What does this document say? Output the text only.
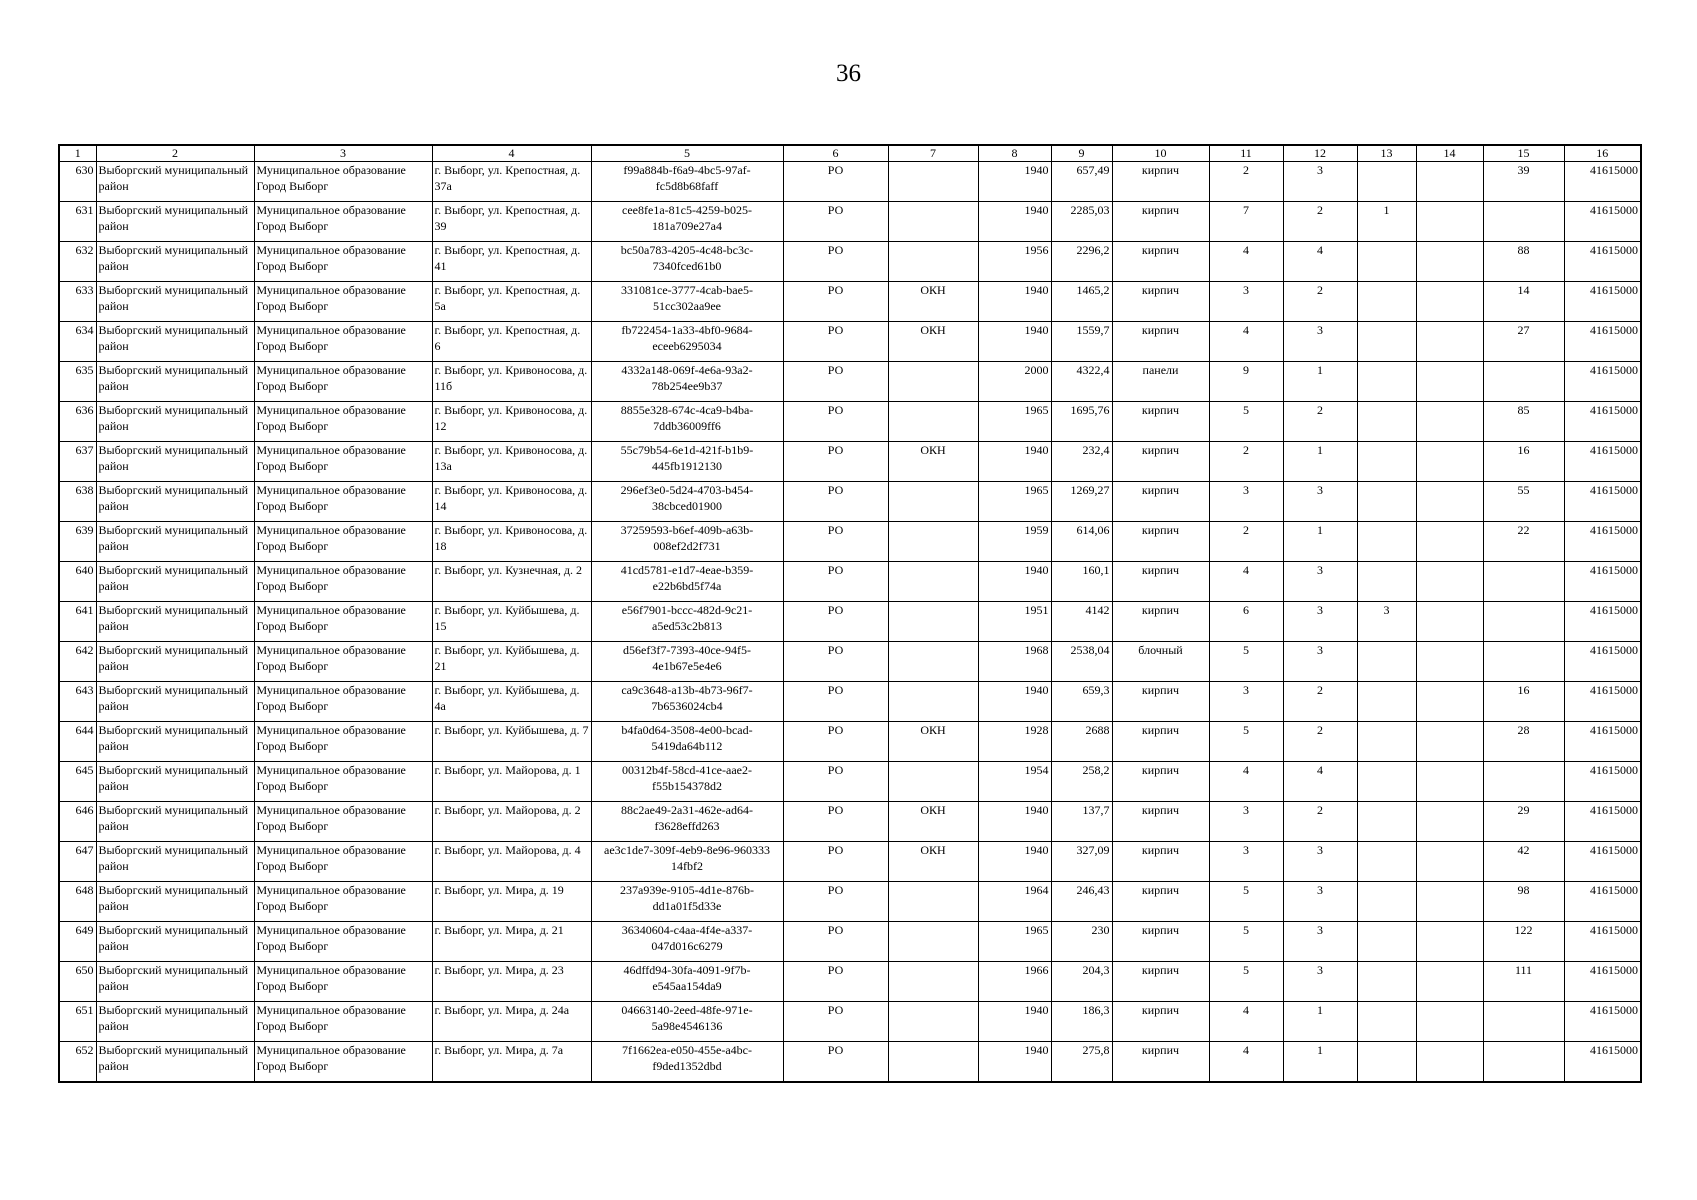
36
1	2	3	4	5	6	7	8	9	10	11	12	13	14	15	16
630	Выборгский муниципальный район	Муниципальное образование Город Выборг	г. Выборг, ул. Крепостная, д. 37а	f99a884b-f6a9-4bc5-97af-fc5d8b68faff	РО		1940	657,49	кирпич	2	3			39	41615000
631	Выборгский муниципальный район	Муниципальное образование Город Выборг	г. Выборг, ул. Крепостная, д. 39	cee8fe1a-81c5-4259-b025-181a709e27a4	РО		1940	2285,03	кирпич	7	2	1			41615000
632	Выборгский муниципальный район	Муниципальное образование Город Выборг	г. Выборг, ул. Крепостная, д. 41	bc50a783-4205-4c48-bc3c-7340fced61b0	РО		1956	2296,2	кирпич	4	4			88	41615000
633	Выборгский муниципальный район	Муниципальное образование Город Выборг	г. Выборг, ул. Крепостная, д. 5а	331081ce-3777-4cab-bae5-51cc302aa9ee	РО	ОКН	1940	1465,2	кирпич	3	2			14	41615000
634	Выборгский муниципальный район	Муниципальное образование Город Выборг	г. Выборг, ул. Крепостная, д. 6	fb722454-1a33-4bf0-9684-eceeb6295034	РО	ОКН	1940	1559,7	кирпич	4	3			27	41615000
635	Выборгский муниципальный район	Муниципальное образование Город Выборг	г. Выборг, ул. Кривоносова, д. 11б	4332a148-069f-4e6a-93a2-78b254ee9b37	РО		2000	4322,4	панели	9	1				41615000
636	Выборгский муниципальный район	Муниципальное образование Город Выборг	г. Выборг, ул. Кривоносова, д. 12	8855e328-674c-4ca9-b4ba-7ddb36009ff6	РО		1965	1695,76	кирпич	5	2			85	41615000
637	Выборгский муниципальный район	Муниципальное образование Город Выборг	г. Выборг, ул. Кривоносова, д. 13а	55c79b54-6e1d-421f-b1b9-445fb1912130	РО	ОКН	1940	232,4	кирпич	2	1			16	41615000
638	Выборгский муниципальный район	Муниципальное образование Город Выборг	г. Выборг, ул. Кривоносова, д. 14	296ef3e0-5d24-4703-b454-38cbced01900	РО		1965	1269,27	кирпич	3	3			55	41615000
639	Выборгский муниципальный район	Муниципальное образование Город Выборг	г. Выборг, ул. Кривоносова, д. 18	37259593-b6ef-409b-a63b-008ef2d2f731	РО		1959	614,06	кирпич	2	1			22	41615000
640	Выборгский муниципальный район	Муниципальное образование Город Выборг	г. Выборг, ул. Кузнечная, д. 2	41cd5781-e1d7-4eae-b359-e22b6bd5f74a	РО		1940	160,1	кирпич	4	3				41615000
641	Выборгский муниципальный район	Муниципальное образование Город Выборг	г. Выборг, ул. Куйбышева, д. 15	e56f7901-bccc-482d-9c21-a5ed53c2b813	РО		1951	4142	кирпич	6	3	3			41615000
642	Выборгский муниципальный район	Муниципальное образование Город Выборг	г. Выборг, ул. Куйбышева, д. 21	d56ef3f7-7393-40ce-94f5-4e1b67e5e4e6	РО		1968	2538,04	блочный	5	3				41615000
643	Выборгский муниципальный район	Муниципальное образование Город Выборг	г. Выборг, ул. Куйбышева, д. 4а	ca9c3648-a13b-4b73-96f7-7b6536024cb4	РО		1940	659,3	кирпич	3	2			16	41615000
644	Выборгский муниципальный район	Муниципальное образование Город Выборг	г. Выборг, ул. Куйбышева, д. 7	b4fa0d64-3508-4e00-bcad-5419da64b112	РО	ОКН	1928	2688	кирпич	5	2			28	41615000
645	Выборгский муниципальный район	Муниципальное образование Город Выборг	г. Выборг, ул. Майорова, д. 1	00312b4f-58cd-41ce-aae2-f55b154378d2	РО		1954	258,2	кирпич	4	4				41615000
646	Выборгский муниципальный район	Муниципальное образование Город Выборг	г. Выборг, ул. Майорова, д. 2	88c2ae49-2a31-462e-ad64-f3628effd263	РО	ОКН	1940	137,7	кирпич	3	2			29	41615000
647	Выборгский муниципальный район	Муниципальное образование Город Выборг	г. Выборг, ул. Майорова, д. 4	ae3c1de7-309f-4eb9-8e96-960333 14fbf2	РО	ОКН	1940	327,09	кирпич	3	3			42	41615000
648	Выборгский муниципальный район	Муниципальное образование Город Выборг	г. Выборг, ул. Мира, д. 19	237a939e-9105-4d1e-876b-dd1a01f5d33e	РО		1964	246,43	кирпич	5	3			98	41615000
649	Выборгский муниципальный район	Муниципальное образование Город Выборг	г. Выборг, ул. Мира, д. 21	36340604-c4aa-4f4e-a337-047d016c6279	РО		1965	230	кирпич	5	3			122	41615000
650	Выборгский муниципальный район	Муниципальное образование Город Выборг	г. Выборг, ул. Мира, д. 23	46dffd94-30fa-4091-9f7b-e545aa154da9	РО		1966	204,3	кирпич	5	3			111	41615000
651	Выборгский муниципальный район	Муниципальное образование Город Выборг	г. Выборг, ул. Мира, д. 24а	04663140-2eed-48fe-971e-5a98e4546136	РО		1940	186,3	кирпич	4	1				41615000
652	Выборгский муниципальный район	Муниципальное образование Город Выборг	г. Выборг, ул. Мира, д. 7а	7f1662ea-e050-455e-a4bc-f9ded1352dbd	РО		1940	275,8	кирпич	4	1				41615000
